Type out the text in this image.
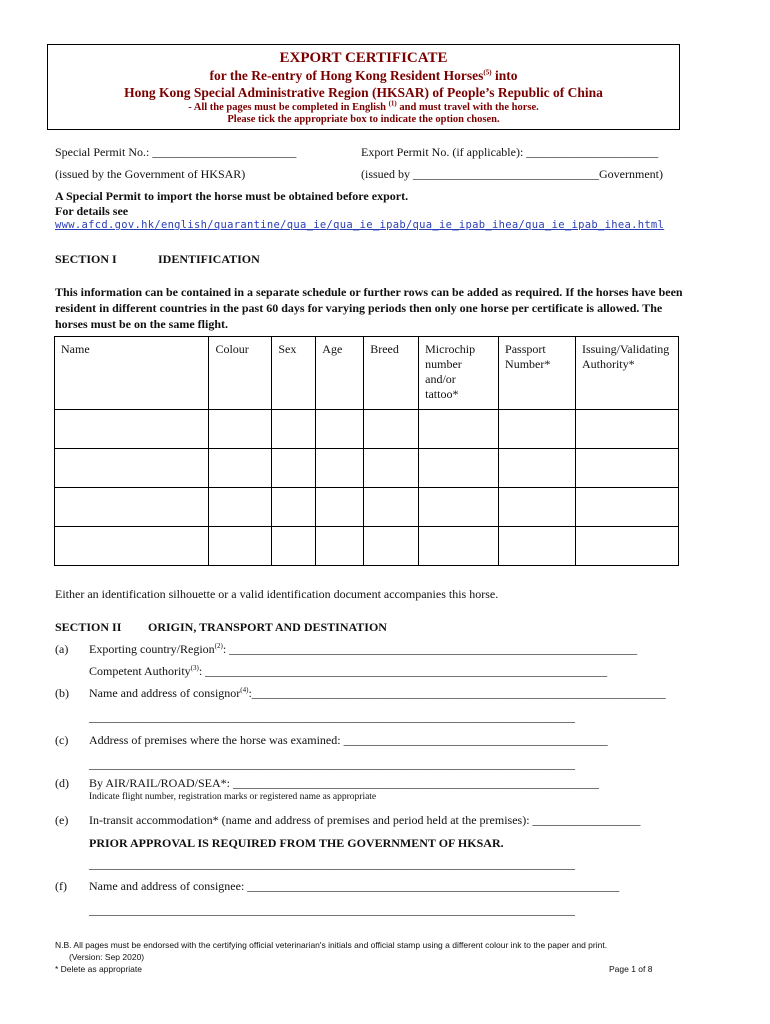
EXPORT CERTIFICATE
for the Re-entry of Hong Kong Resident Horses$^{(5)}$ into
Hong Kong Special Administrative Region (HKSAR) of People’s Republic of China
- All the pages must be completed in English $^{(1)}$ and must travel with the horse.
Please tick the appropriate box to indicate the option chosen.
Special Permit No.: ________________________	Export Permit No. (if applicable): ______________________
(issued by the Government of HKSAR)	(issued by _______________________________Government)
A Special Permit to import the horse must be obtained before export.
For details see
www.afcd.gov.hk/english/quarantine/qua_ie/qua_ie_ipab/qua_ie_ipab_ihea/qua_ie_ipab_ihea.html
SECTION I	IDENTIFICATION
This information can be contained in a separate schedule or further rows can be added as required. If the horses have been resident in different countries in the past 60 days for varying periods then only one horse per certificate is allowed. The horses must be on the same flight.
Name	Colour	Sex	Age	Breed	Microchip number and/or tattoo*	Passport Number*	Issuing/Validating Authority*

Either an identification silhouette or a valid identification document accompanies this horse.
SECTION II ORIGIN, TRANSPORT AND DESTINATION
(a) Exporting country/Region$^{(2)}$: ____________________________________________________________________
Competent Authority$^{(3)}$: ___________________________________________________________________
(b) Name and address of consignor$^{(4)}$:_____________________________________________________________________
_________________________________________________________________________________
(c) Address of premises where the horse was examined: ____________________________________________
_________________________________________________________________________________
(d) By AIR/RAIL/ROAD/SEA*: _____________________________________________________________
Indicate flight number, registration marks or registered name as appropriate
(e) In-transit accommodation* (name and address of premises and period held at the premises): __________________
PRIOR APPROVAL IS REQUIRED FROM THE GOVERNMENT OF HKSAR.
_________________________________________________________________________________
(f) Name and address of consignee: ______________________________________________________________
_________________________________________________________________________________
N.B. All pages must be endorsed with the certifying official veterinarian's initials and official stamp using a different colour ink to the paper and print.
(Version: Sep 2020)
* Delete as appropriate	Page 1 of 8
